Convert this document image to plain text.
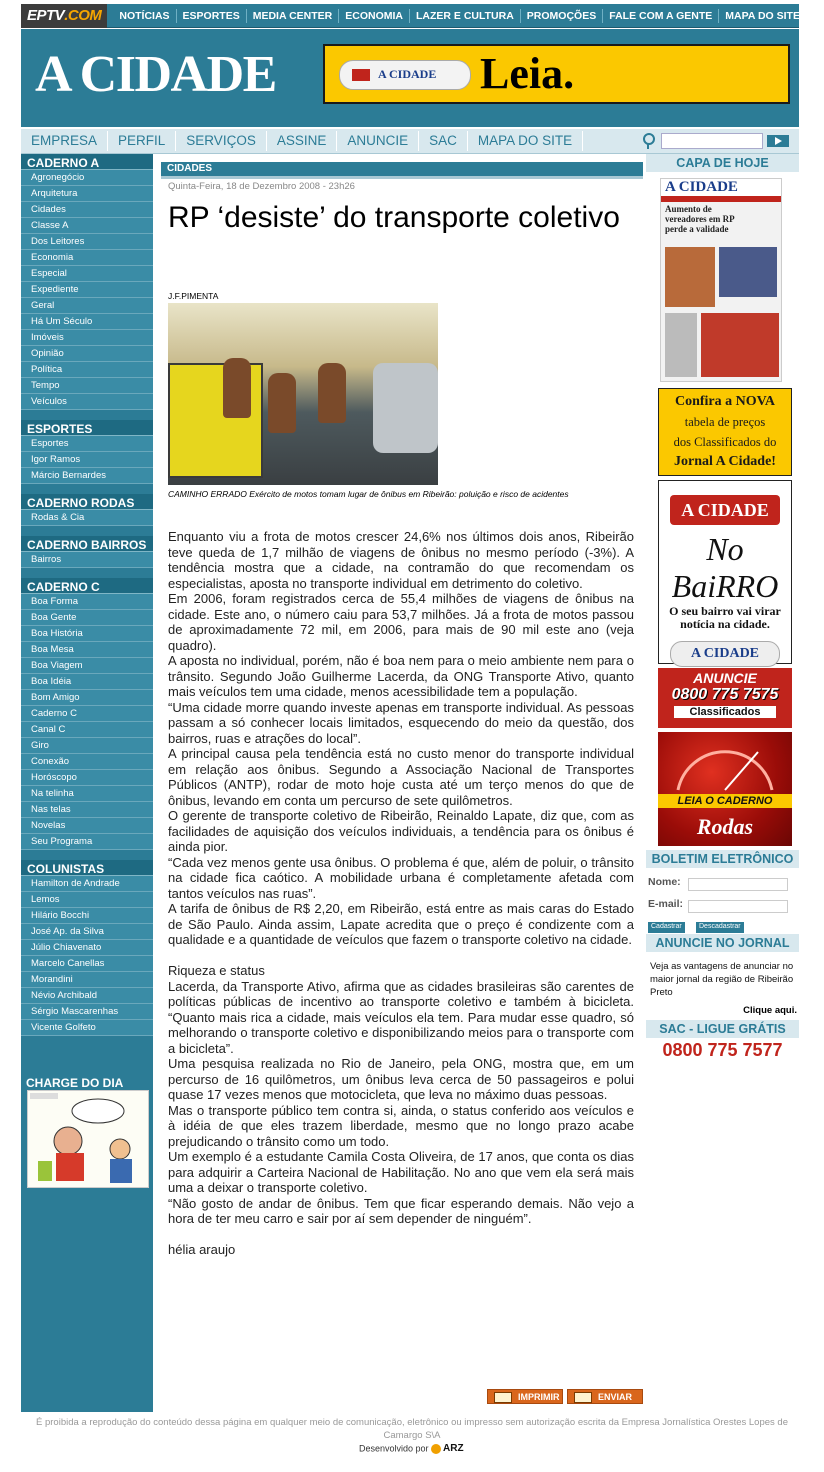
EPTV.COM	NOTÍCIAS	ESPORTES	MEDIA CENTER	ECONOMIA	LAZER E CULTURA	PROMOÇÕES	FALE COM A GENTE	MAPA DO SITE
A CIDADE	A CIDADE Leia.
EMPRESA	PERFIL	SERVIÇOS	ASSINE	ANUNCIE	SAC	MAPA DO SITE
CADERNO A
Agronegócio
Arquitetura
Cidades
Classe A
Dos Leitores
Economia
Especial
Expediente
Geral
Há Um Século
Imóveis
Opinião
Política
Tempo
Veículos
ESPORTES
Esportes
Igor Ramos
Márcio Bernardes
CADERNO RODAS
Rodas & Cia
CADERNO BAIRROS
Bairros
CADERNO C
Boa Forma
Boa Gente
Boa História
Boa Mesa
Boa Viagem
Boa Idéia
Bom Amigo
Caderno C
Canal C
Giro
Conexão
Horóscopo
Na telinha
Nas telas
Novelas
Seu Programa
COLUNISTAS
Hamilton de Andrade
Lemos
Hilário Bocchi
José Ap. da Silva
Júlio Chiavenato
Marcelo Canellas
Morandini
Névio Archibald
Sérgio Mascarenhas
Vicente Golfeto
CHARGE DO DIA
CIDADES
Quinta-Feira, 18 de Dezembro 2008 - 23h26
RP ‘desiste’ do transporte coletivo
J.F.PIMENTA
CAMINHO ERRADO Exército de motos tomam lugar de ônibus em Ribeirão: poluição e risco de acidentes

Enquanto viu a frota de motos crescer 24,6% nos últimos dois anos, Ribeirão teve queda de 1,7 milhão de viagens de ônibus no mesmo período (-3%). A tendência mostra que a cidade, na contramão do que recomendam os especialistas, aposta no transporte individual em detrimento do coletivo.

Em 2006, foram registrados cerca de 55,4 milhões de viagens de ônibus na cidade. Este ano, o número caiu para 53,7 milhões. Já a frota de motos passou de aproximadamente 72 mil, em 2006, para mais de 90 mil este ano (veja quadro).

A aposta no individual, porém, não é boa nem para o meio ambiente nem para o trânsito. Segundo João Guilherme Lacerda, da ONG Transporte Ativo, quanto mais veículos tem uma cidade, menos acessibilidade tem a população.

“Uma cidade morre quando investe apenas em transporte individual. As pessoas passam a só conhecer locais limitados, esquecendo do meio da questão, dos bairros, ruas e atrações do local”.

A principal causa pela tendência está no custo menor do transporte individual em relação aos ônibus. Segundo a Associação Nacional de Transportes Públicos (ANTP), rodar de moto hoje custa até um terço menos do que de ônibus, levando em conta um percurso de sete quilômetros.

O gerente de transporte coletivo de Ribeirão, Reinaldo Lapate, diz que, com as facilidades de aquisição dos veículos individuais, a tendência para os ônibus é ainda pior.

“Cada vez menos gente usa ônibus. O problema é que, além de poluir, o trânsito na cidade fica caótico. A mobilidade urbana é completamente afetada com tantos veículos nas ruas”.

A tarifa de ônibus de R$ 2,20, em Ribeirão, está entre as mais caras do Estado de São Paulo. Ainda assim, Lapate acredita que o preço é condizente com a qualidade e a quantidade de veículos que fazem o transporte coletivo na cidade.

Riqueza e status

Lacerda, da Transporte Ativo, afirma que as cidades brasileiras são carentes de políticas públicas de incentivo ao transporte coletivo e também à bicicleta. “Quanto mais rica a cidade, mais veículos ela tem. Para mudar esse quadro, só melhorando o transporte coletivo e disponibilizando meios para o transporte com a bicicleta”.

Uma pesquisa realizada no Rio de Janeiro, pela ONG, mostra que, em um percurso de 16 quilômetros, um ônibus leva cerca de 50 passageiros e polui quase 17 vezes menos que motocicleta, que leva no máximo duas pessoas.

Mas o transporte público tem contra si, ainda, o status conferido aos veículos e à idéia de que eles trazem liberdade, mesmo que no longo prazo acabe prejudicando o trânsito como um todo.

Um exemplo é a estudante Camila Costa Oliveira, de 17 anos, que conta os dias para adquirir a Carteira Nacional de Habilitação. No ano que vem ela será mais uma a deixar o transporte coletivo.

“Não gosto de andar de ônibus. Tem que ficar esperando demais. Não vejo a hora de ter meu carro e sair por aí sem depender de ninguém”.

hélia araujo

IMPRIMIR	ENVIAR
CAPA DE HOJE
A CIDADE
Aumento de vereadores em RP perde a validade
Confira a NOVA
tabela de preços
dos Classificados do
Jornal A Cidade!
A CIDADE
No BaiRRO
O seu bairro vai virar notícia na cidade.
A CIDADE
ANUNCIE
0800 775 7575
Classificados
LEIA O CADERNO
Rodas
BOLETIM ELETRÔNICO
Nome:
E-mail:
Cadastrar	Descadastrar
ANUNCIE NO JORNAL
Veja as vantagens de anunciar no maior jornal da região de Ribeirão Preto
Clique aqui.
SAC - LIGUE GRÁTIS
0800 775 7577
É proibida a reprodução do conteúdo dessa página em qualquer meio de comunicação, eletrônico ou impresso sem autorização escrita da Empresa Jornalística Orestes Lopes de Camargo S\A
Desenvolvido por ARZ
